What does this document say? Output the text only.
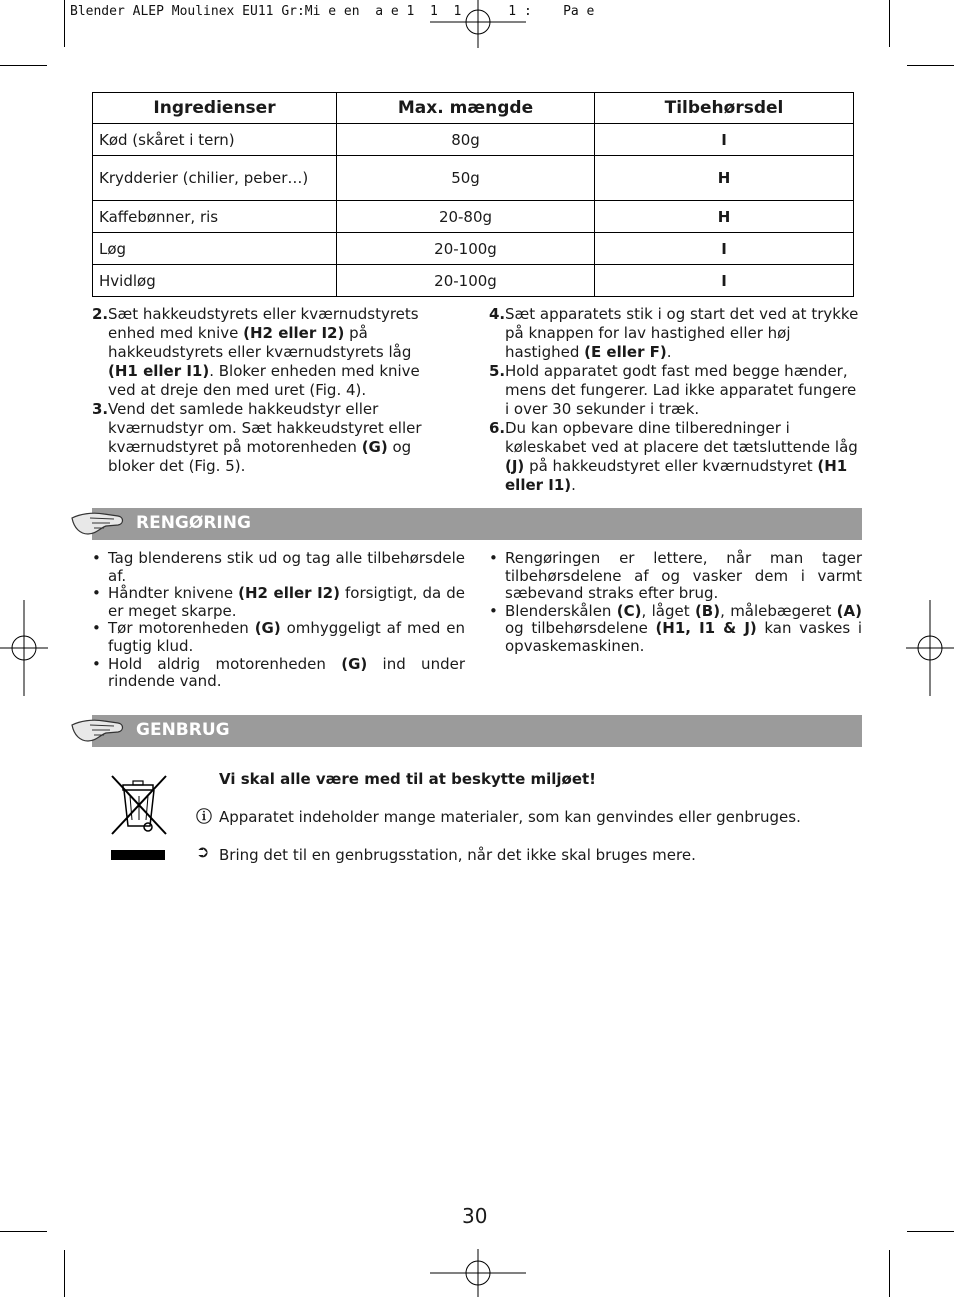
Blender ALEP Moulinex EU11 Gr:Mi e en  a e 1  1  1      1 :    Pa e
Ingredienser	Max. mængde	Tilbehørsdel
Kød (skåret i tern)	80g	I
Krydderier (chilier, peber…)	50g	H
Kaffebønner, ris	20-80g	H
Løg	20-100g	I
Hvidløg	20-100g	I
2. Sæt hakkeudstyrets eller kværnudstyrets enhed med knive (H2 eller I2) på hakkeudstyrets eller kværnudstyrets låg (H1 eller I1). Bloker enheden med knive ved at dreje den med uret (Fig. 4).
3. Vend det samlede hakkeudstyr eller kværnudstyr om. Sæt hakkeudstyret eller kværnudstyret på motorenheden (G) og bloker det (Fig. 5).
4. Sæt apparatets stik i og start det ved at trykke på knappen for lav hastighed eller høj hastighed (E eller F).
5. Hold apparatet godt fast med begge hænder, mens det fungerer. Lad ikke apparatet fungere i over 30 sekunder i træk.
6. Du kan opbevare dine tilberedninger i køleskabet ved at placere det tætsluttende låg (J) på hakkeudstyret eller kværnudstyret (H1 eller I1).
RENGØRING
• Tag blenderens stik ud og tag alle tilbehørsdele af.
• Håndter knivene (H2 eller I2) forsigtigt, da de er meget skarpe.
• Tør motorenheden (G) omhyggeligt af med en fugtig klud.
• Hold aldrig motorenheden (G) ind under rindende vand.
• Rengøringen er lettere, når man tager tilbehørsdelene af og vasker dem i varmt sæbevand straks efter brug.
• Blenderskålen (C), låget (B), målebægeret (A) og tilbehørsdelene (H1, I1 & J) kan vaskes i opvaskemaskinen.
GENBRUG
Vi skal alle være med til at beskytte miljøet!
ⓘ Apparatet indeholder mange materialer, som kan genvindes eller genbruges.
➲ Bring det til en genbrugsstation, når det ikke skal bruges mere.
30
